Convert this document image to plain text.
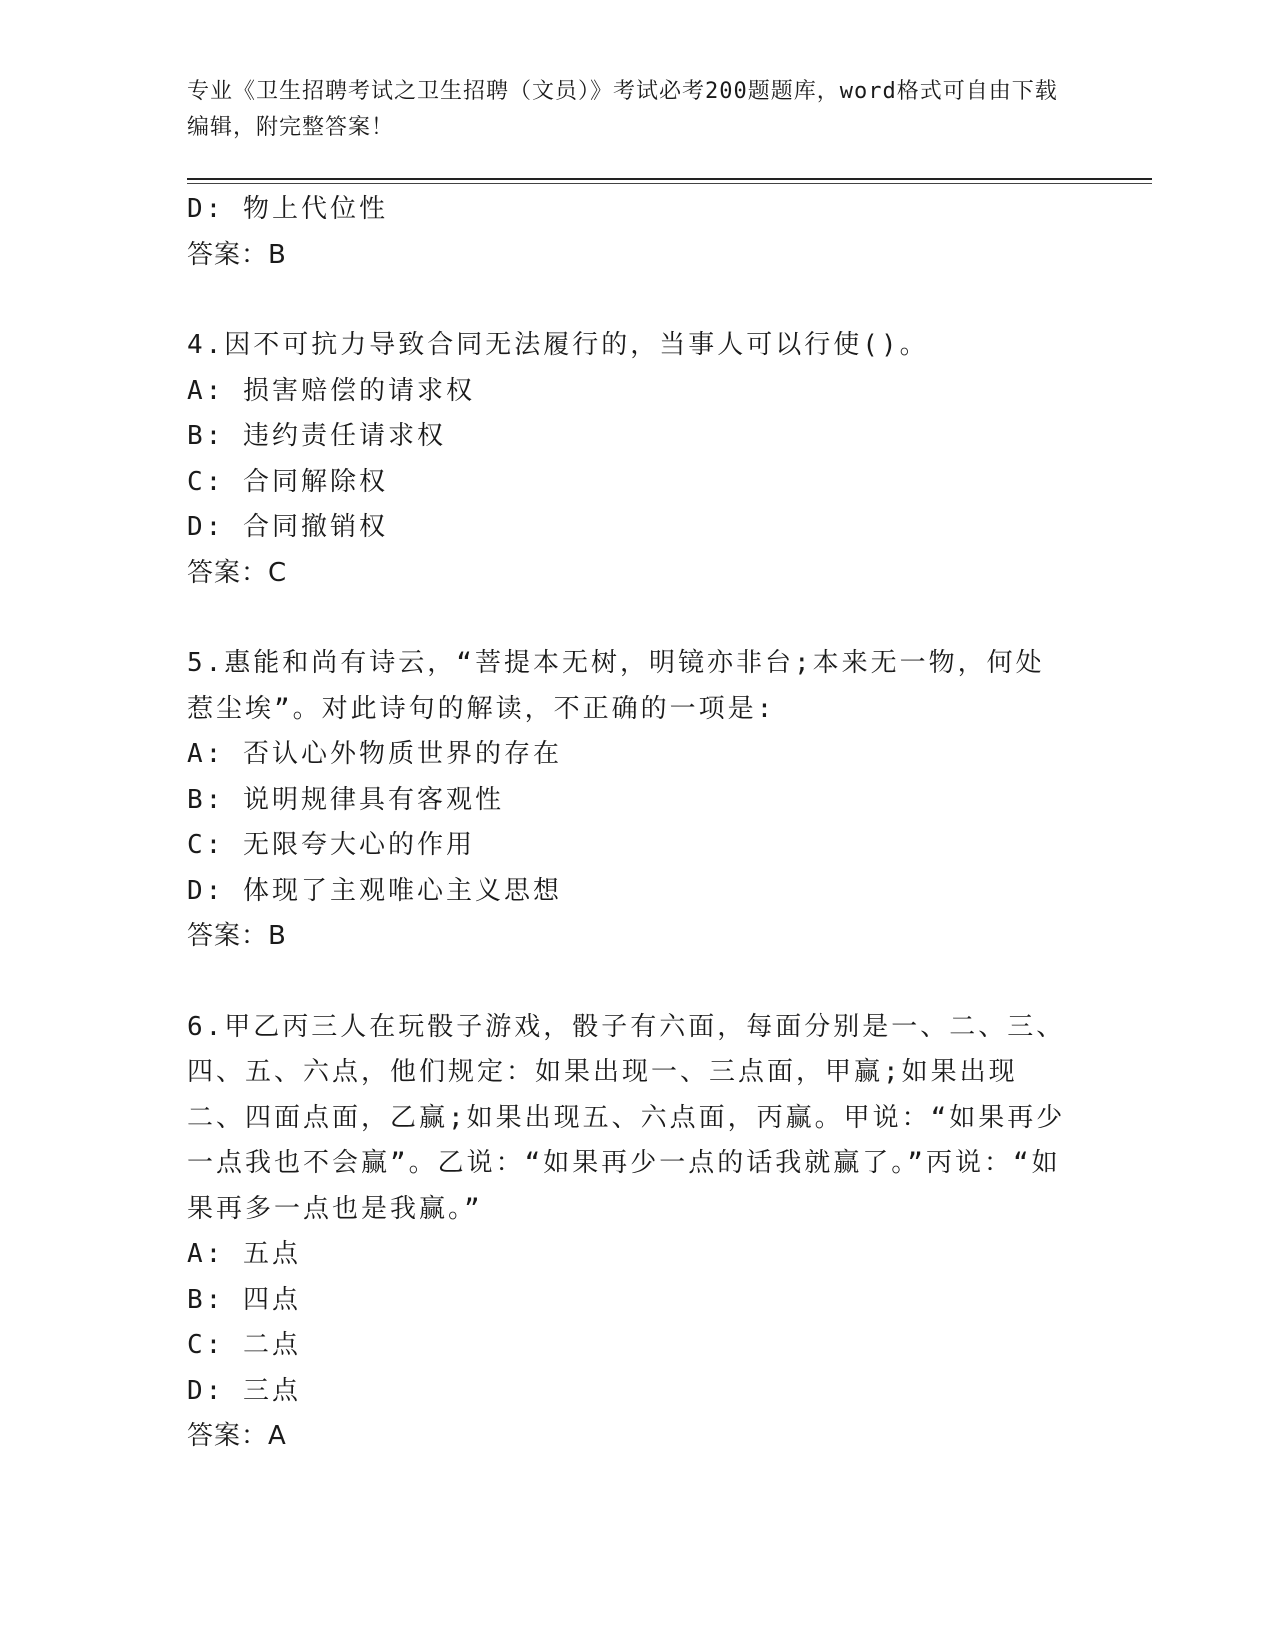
专业《卫生招聘考试之卫生招聘（文员）》考试必考200题题库，word格式可自由下载编辑，附完整答案！
D: 物上代位性
答案：B
4.因不可抗力导致合同无法履行的，当事人可以行使()。
A: 损害赔偿的请求权
B: 违约责任请求权
C: 合同解除权
D: 合同撤销权
答案：C
5.惠能和尚有诗云，“菩提本无树，明镜亦非台;本来无一物，何处惹尘埃”。对此诗句的解读，不正确的一项是:
A: 否认心外物质世界的存在
B: 说明规律具有客观性
C: 无限夸大心的作用
D: 体现了主观唯心主义思想
答案：B
6.甲乙丙三人在玩骰子游戏，骰子有六面，每面分别是一、二、三、四、五、六点，他们规定：如果出现一、三点面，甲赢;如果出现二、四面点面，乙赢;如果出现五、六点面，丙赢。甲说：“如果再少一点我也不会赢”。乙说：“如果再少一点的话我就赢了。”丙说：“如果再多一点也是我赢。”
A: 五点
B: 四点
C: 二点
D: 三点
答案：A
